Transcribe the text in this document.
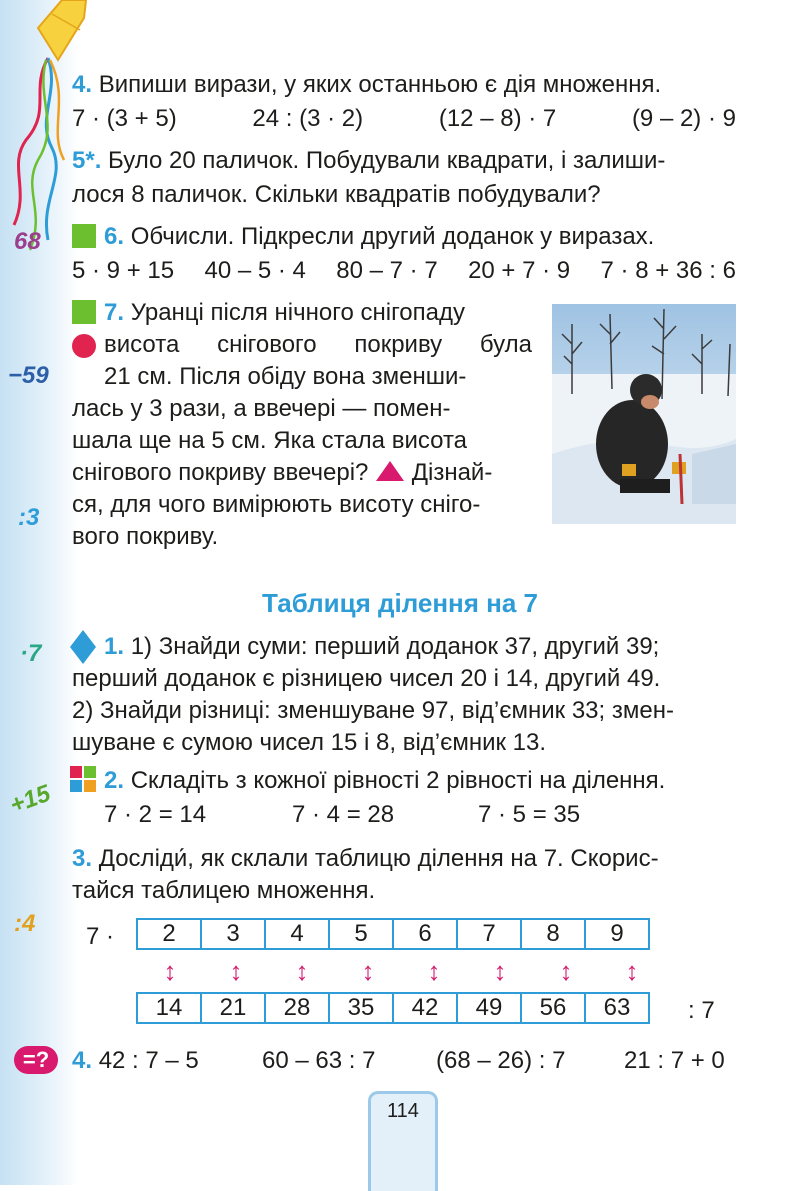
68
−59
:3
·7
+15
:4
=?
4. Випиши вирази, у яких останньою є дія множення.
7 · (3 + 5)	24 : (3 · 2)	(12 – 8) · 7	(9 – 2) · 9
5*. Було 20 паличок. Побудували квадрати, і залиши-
лося 8 паличок. Скільки квадратів побудували?
6. Обчисли. Підкресли другий доданок у виразах.
5 · 9 + 15 40 – 5 · 4 80 – 7 · 7 20 + 7 · 9 7 · 8 + 36 : 6
7. Уранці після нічного снігопаду
висота снігового покриву була
21 см. Після обіду вона зменши-
лась у 3 рази, а ввечері — помен-
шала ще на 5 см. Яка стала висота
снігового покриву ввечері? Дізнай-
ся, для чого вимірюють висоту сніго-
вого покриву.
Таблиця ділення на 7
1. 1) Знайди суми: перший доданок 37, другий 39;
перший доданок є різницею чисел 20 і 14, другий 49.
2) Знайди різниці: зменшуване 97, від’ємник 33; змен-
шуване є сумою чисел 15 і 8, від’ємник 13.
2. Складіть з кожної рівності 2 рівності на ділення.
7 · 2 = 14	7 · 4 = 28	7 · 5 = 35
3. Досліди́, як склали таблицю ділення на 7. Скорис-
тайся таблицею множення.
7 ·	2	3	4	5	6	7	8	9
↕ ↕ ↕ ↕ ↕ ↕ ↕ ↕
14	21	28	35	42	49	56	63	: 7
4. 42 : 7 – 5	60 – 63 : 7	(68 – 26) : 7 21 : 7 + 0
114
